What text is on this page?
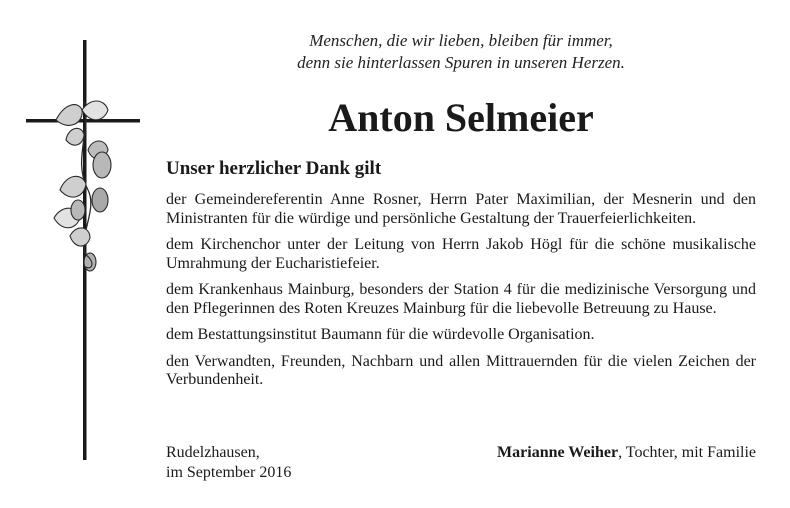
Menschen, die wir lieben, bleiben für immer,
denn sie hinterlassen Spuren in unseren Herzen.
Anton Selmeier
Unser herzlicher Dank gilt

der Gemeindereferentin Anne Rosner, Herrn Pater Maximilian, der Mesnerin und den Ministranten für die würdige und persönliche Gestaltung der Trauerfeierlichkeiten.

dem Kirchenchor unter der Leitung von Herrn Jakob Högl für die schöne musikalische Umrahmung der Eucharistiefeier.

dem Krankenhaus Mainburg, besonders der Station 4 für die medizinische Versorgung und den Pflegerinnen des Roten Kreuzes Mainburg für die liebevolle Betreuung zu Hause.

dem Bestattungsinstitut Baumann für die würdevolle Organisation.

den Verwandten, Freunden, Nachbarn und allen Mittrauernden für die vielen Zeichen der Verbundenheit.

Rudelzhausen,
im September 2016
Marianne Weiher, Tochter, mit Familie
